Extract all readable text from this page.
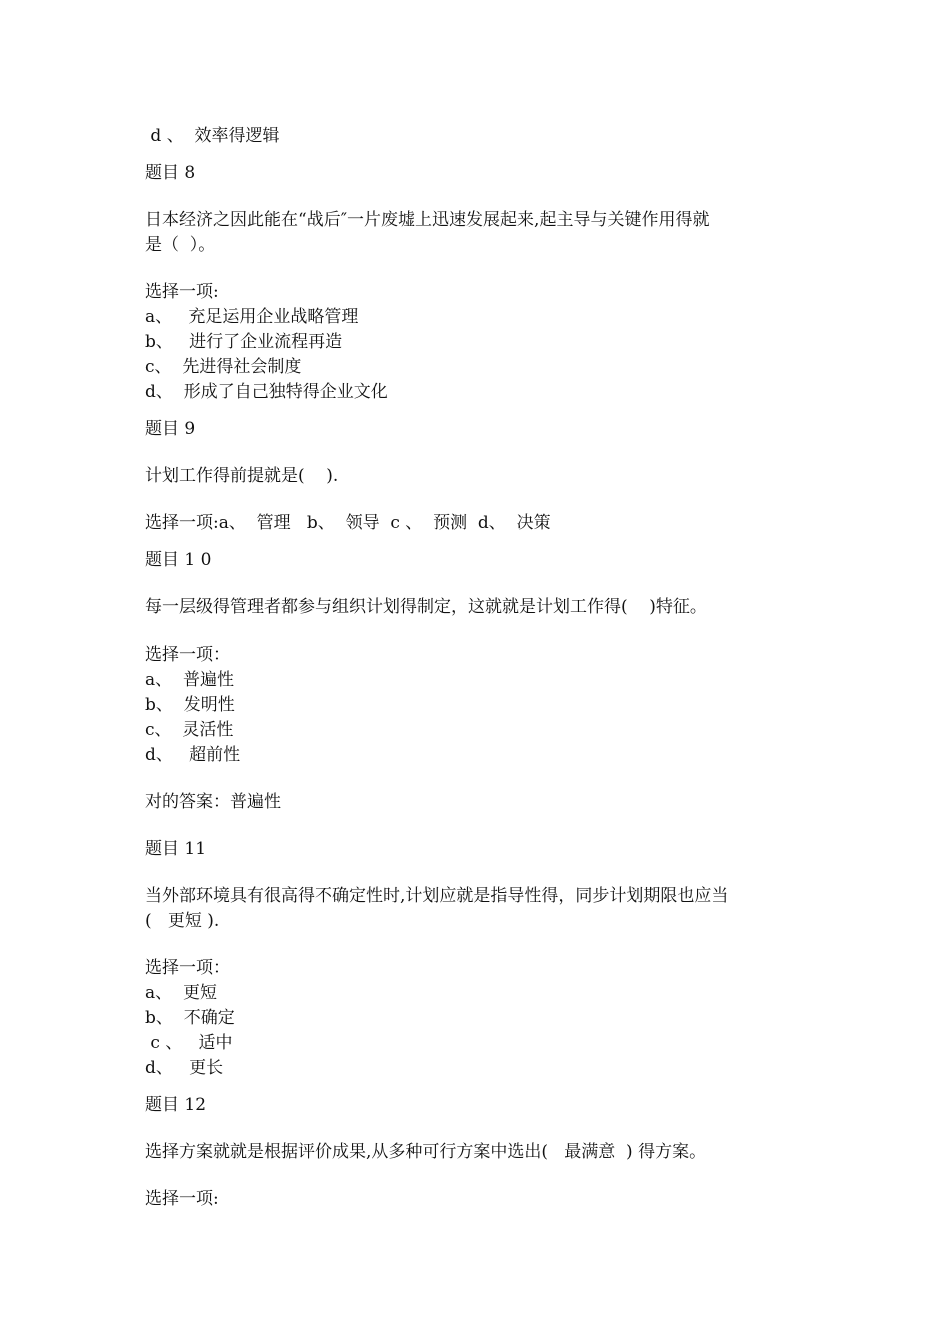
d 、  效率得逻辑
题目 8
日本经济之因此能在“战后″一片废墟上迅速发展起来,起主导与关键作用得就
是（  ）。
选择一项:
a、   充足运用企业战略管理
b、   进行了企业流程再造
c、  先进得社会制度
d、  形成了自己独特得企业文化
题目 9
计划工作得前提就是(    ).
选择一项:a、  管理   b、  领导  c 、  预测  d、  决策
题目 1 0
每一层级得管理者都参与组织计划得制定，这就就是计划工作得(    )特征。
选择一项：
a、  普遍性
b、  发明性
c、  灵活性
d、   超前性
对的答案：普遍性
题目 11
当外部环境具有很高得不确定性时,计划应就是指导性得，同步计划期限也应当
(   更短 ).
选择一项：
a、  更短
b、  不确定
c 、   适中
d、   更长
题目 12
选择方案就就是根据评价成果,从多种可行方案中选出(   最满意  ) 得方案。
选择一项:
